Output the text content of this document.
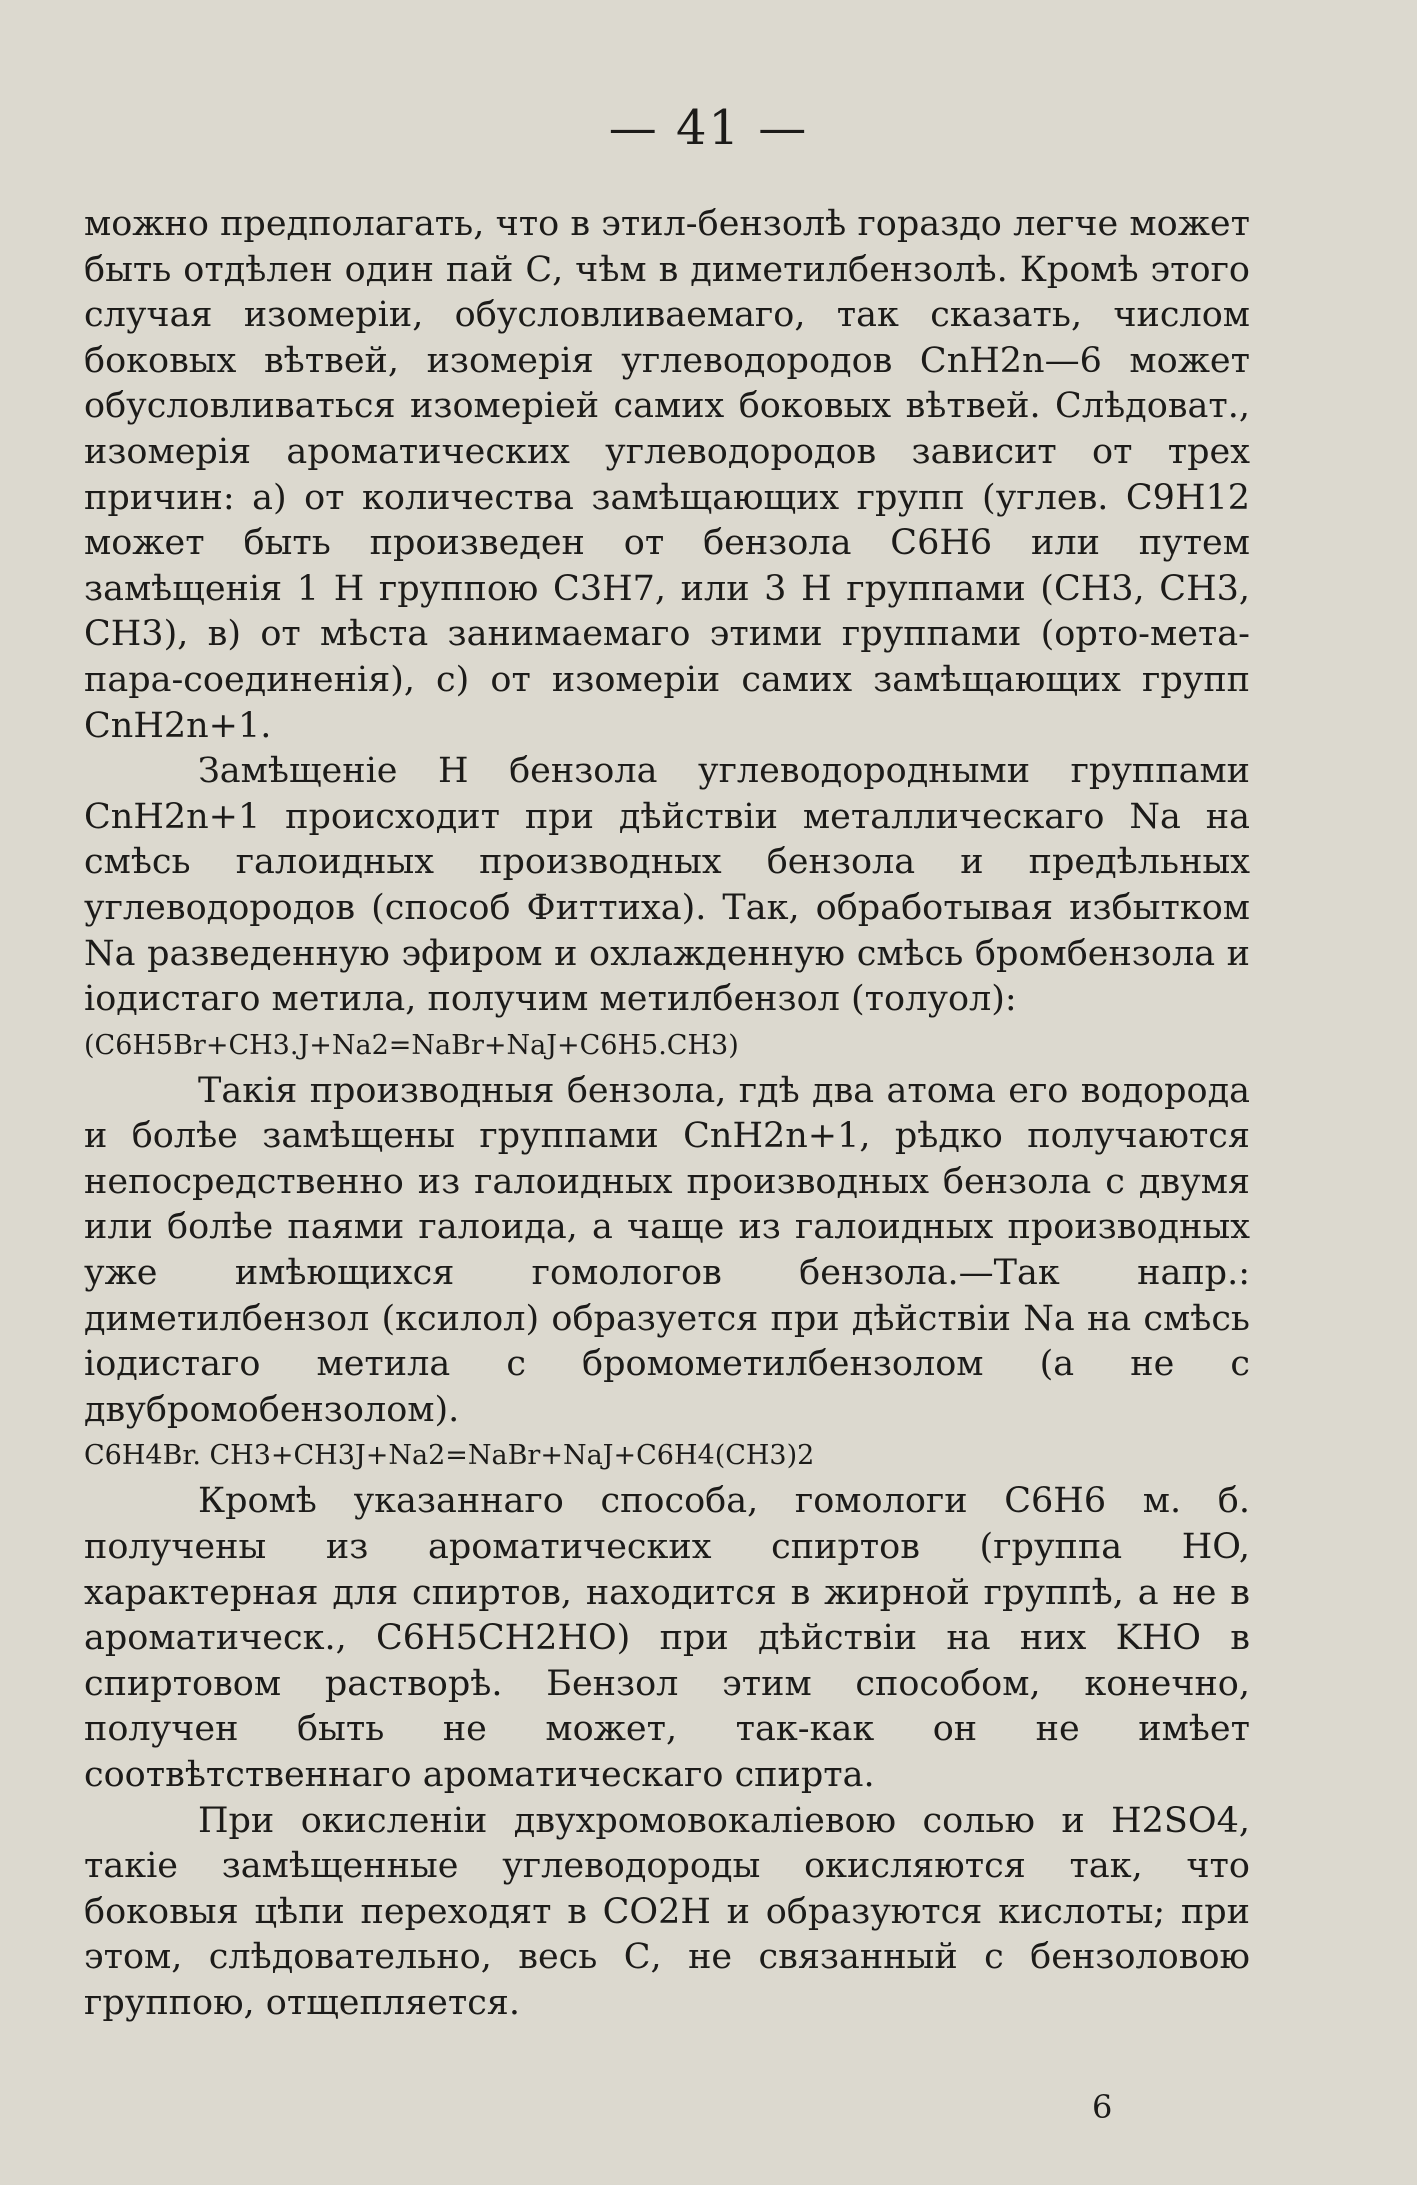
— 41 —

можно предполагать, что в этил-бензолѣ гораздо легче может быть отдѣлен один пай С, чѣм в диметилбензолѣ. Кромѣ этого случая изомеріи, обусловливаемаго, так сказать, числом боковых вѣтвей, изомерія углеводородов СnH2n—6 может обусловливаться изомеріей самих боковых вѣтвей. Слѣдоват., изомерія ароматических углеводородов зависит от трех причин: а) от количества замѣщающих групп (углев. C9H12 может быть произведен от бензола C6H6 или путем замѣщенія 1 H группою C3H7, или 3 H группами (CH3, CH3, CH3), в) от мѣста занимаемаго этими группами (орто-мета-пара-соединенія), с) от изомеріи самих замѣщающих групп СnH2n+1.

Замѣщеніе H бензола углеводородными группами СnH2n+1 происходит при дѣйствіи металлическаго Na на смѣсь галоидных производных бензола и предѣльных углеводородов (способ Фиттиха). Так, обработывая избытком Na разведенную эфиром и охлажденную смѣсь бромбензола и іодистаго метила, получим метилбензол (толуол):

(C6H5Br+CH3.J+Na2=NaBr+NaJ+C6H5.CH3)

Такія производныя бензола, гдѣ два атома его водорода и болѣе замѣщены группами СnH2n+1, рѣдко получаются непосредственно из галоидных производных бензола с двумя или болѣе паями галоида, а чаще из галоидных производных уже имѣющихся гомологов бензола.—Так напр.: диметилбензол (ксилол) образуется при дѣйствіи Na на смѣсь іодистаго метила с бромометилбензолом (а не с двубромобензолом).

C6H4Br. CH3+CH3J+Na2=NaBr+NaJ+C6H4(CH3)2

Кромѣ указаннаго способа, гомологи C6H6 м. б. получены из ароматических спиртов (группа HO, характерная для спиртов, находится в жирной группѣ, а не в ароматическ., C6H5CH2HO) при дѣйствіи на них KHO в спиртовом растворѣ. Бензол этим способом, конечно, получен быть не может, так-как он не имѣет соотвѣтственнаго ароматическаго спирта.

При окисленіи двухромовокаліевою солью и H2SO4, такіе замѣщенные углеводороды окисляются так, что боковыя цѣпи переходят в CO2H и образуются кислоты; при этом, слѣдовательно, весь С, не связанный с бензоловою группою, отщепляется.

6
